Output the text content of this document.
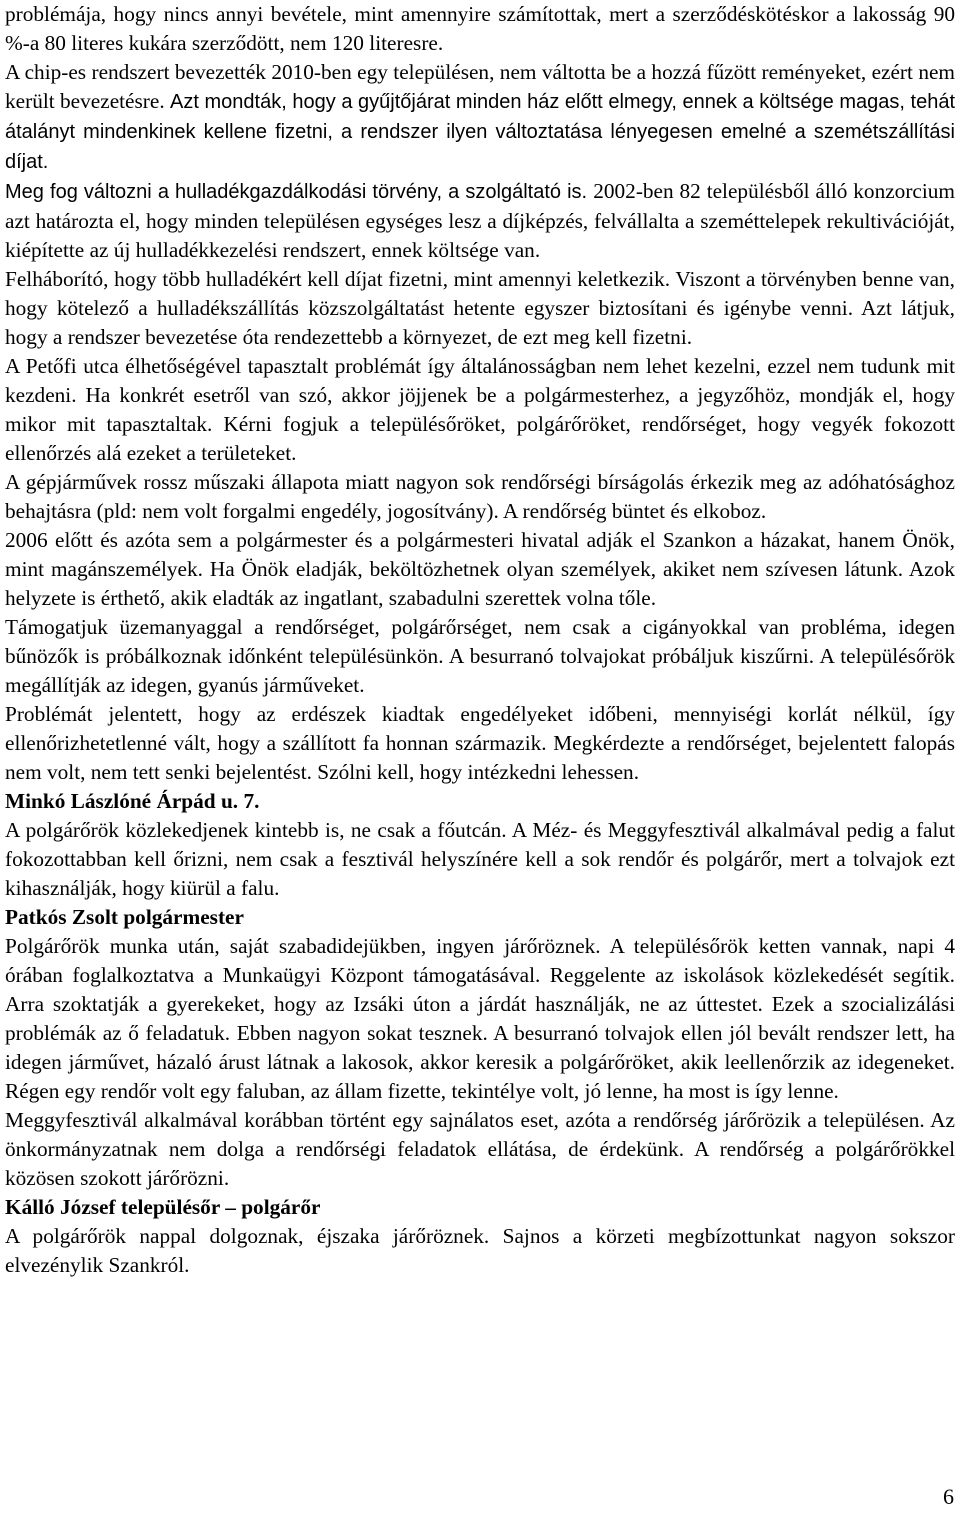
problémája, hogy nincs annyi bevétele, mint amennyire számítottak, mert a szerződéskötéskor a lakosság 90 %-a 80 literes kukára szerződött, nem 120 literesre.

A chip-es rendszert bevezették 2010-ben egy településen, nem váltotta be a hozzá fűzött reményeket, ezért nem került bevezetésre. Azt mondták, hogy a gyűjtőjárat minden ház előtt elmegy, ennek a költsége magas, tehát átalányt mindenkinek kellene fizetni, a rendszer ilyen változtatása lényegesen emelné a szemétszállítási díjat.

Meg fog változni a hulladékgazdálkodási törvény, a szolgáltató is. 2002-ben 82 településből álló konzorcium azt határozta el, hogy minden településen egységes lesz a díjképzés, felvállalta a szeméttelepek rekultivációját, kiépítette az új hulladékkezelési rendszert, ennek költsége van.

Felháborító, hogy több hulladékért kell díjat fizetni, mint amennyi keletkezik. Viszont a törvényben benne van, hogy kötelező a hulladékszállítás közszolgáltatást hetente egyszer biztosítani és igénybe venni. Azt látjuk, hogy a rendszer bevezetése óta rendezettebb a környezet, de ezt meg kell fizetni.

A Petőfi utca élhetőségével tapasztalt problémát így általánosságban nem lehet kezelni, ezzel nem tudunk mit kezdeni. Ha konkrét esetről van szó, akkor jöjjenek be a polgármesterhez, a jegyzőhöz, mondják el, hogy mikor mit tapasztaltak. Kérni fogjuk a településőröket, polgárőröket, rendőrséget, hogy vegyék fokozott ellenőrzés alá ezeket a területeket.

A gépjárművek rossz műszaki állapota miatt nagyon sok rendőrségi bírságolás érkezik meg az adóhatósághoz behajtásra (pld: nem volt forgalmi engedély, jogosítvány). A rendőrség büntet és elkoboz.

2006 előtt és azóta sem a polgármester és a polgármesteri hivatal adják el Szankon a házakat, hanem Önök, mint magánszemélyek. Ha Önök eladják, beköltözhetnek olyan személyek, akiket nem szívesen látunk. Azok helyzete is érthető, akik eladták az ingatlant, szabadulni szerettek volna tőle.

Támogatjuk üzemanyaggal a rendőrséget, polgárőrséget, nem csak a cigányokkal van probléma, idegen bűnözők is próbálkoznak időnként településünkön. A besurranó tolvajokat próbáljuk kiszűrni. A településőrök megállítják az idegen, gyanús járműveket.

Problémát jelentett, hogy az erdészek kiadtak engedélyeket időbeni, mennyiségi korlát nélkül, így ellenőrizhetetlenné vált, hogy a szállított fa honnan származik. Megkérdezte a rendőrséget, bejelentett falopás nem volt, nem tett senki bejelentést. Szólni kell, hogy intézkedni lehessen.

Minkó Lászlóné Árpád u. 7.

A polgárőrök közlekedjenek kintebb is, ne csak a főutcán. A Méz- és Meggyfesztivál alkalmával pedig a falut fokozottabban kell őrizni, nem csak a fesztivál helyszínére kell a sok rendőr és polgárőr, mert a tolvajok ezt kihasználják, hogy kiürül a falu.

Patkós Zsolt polgármester

Polgárőrök munka után, saját szabadidejükben, ingyen járőröznek. A településőrök ketten vannak, napi 4 órában foglalkoztatva a Munkaügyi Központ támogatásával. Reggelente az iskolások közlekedését segítik. Arra szoktatják a gyerekeket, hogy az Izsáki úton a járdát használják, ne az úttestet. Ezek a szocializálási problémák az ő feladatuk. Ebben nagyon sokat tesznek. A besurranó tolvajok ellen jól bevált rendszer lett, ha idegen járművet, házaló árust látnak a lakosok, akkor keresik a polgárőröket, akik leellenőrzik az idegeneket. Régen egy rendőr volt egy faluban, az állam fizette, tekintélye volt, jó lenne, ha most is így lenne.

Meggyfesztivál alkalmával korábban történt egy sajnálatos eset, azóta a rendőrség járőrözik a településen. Az önkormányzatnak nem dolga a rendőrségi feladatok ellátása, de érdekünk. A rendőrség a polgárőrökkel közösen szokott járőrözni.

Kálló József településőr – polgárőr

A polgárőrök nappal dolgoznak, éjszaka járőröznek. Sajnos a körzeti megbízottunkat nagyon sokszor elvezénylik Szankról.

6
